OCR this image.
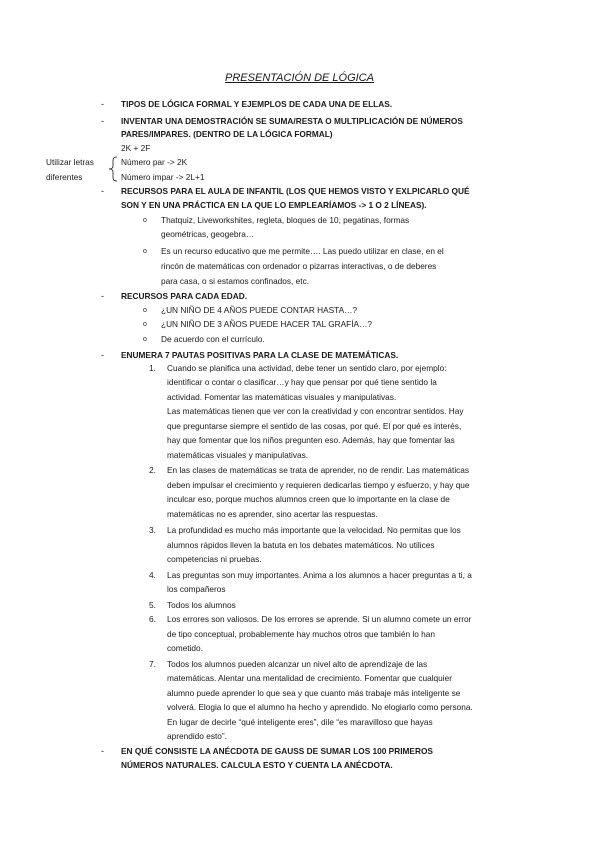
PRESENTACIÓN DE LÓGICA
- TIPOS DE LÓGICA FORMAL Y EJEMPLOS DE CADA UNA DE ELLAS.
- INVENTAR UNA DEMOSTRACIÓN SE SUMA/RESTA O MULTIPLICACIÓN DE NÚMEROS
PARES/IMPARES. (DENTRO DE LA LÓGICA FORMAL)
2K + 2F
Utilizar letras
diferentes
Número par -> 2K
Número impar -> 2L+1
- RECURSOS PARA EL AULA DE INFANTIL (LOS QUE HEMOS VISTO Y EXLPICARLO QUÉ
SON Y EN UNA PRÁCTICA EN LA QUE LO EMPLEARÍAMOS -> 1 O 2 LÍNEAS).
o Thatquiz, Liveworkshites, regleta, bloques de 10, pegatinas, formas
geométricas, geogebra…
o Es un recurso educativo que me permite…. Las puedo utilizar en clase, en el
rincón de matemáticas con ordenador o pizarras interactivas, o de deberes
para casa, o si estamos confinados, etc.
- RECURSOS PARA CADA EDAD.
o ¿UN NIÑO DE 4 AÑOS PUEDE CONTAR HASTA…?
o ¿UN NIÑO DE 3 AÑOS PUEDE HACER TAL GRAFÍA…?
o De acuerdo con el currículo.
- ENUMERA 7 PAUTAS POSITIVAS PARA LA CLASE DE MATEMÁTICAS.
1. Cuando se planifica una actividad, debe tener un sentido claro, por ejemplo:
identificar o contar o clasificar…y hay que pensar por qué tiene sentido la
actividad. Fomentar las matemáticas visuales y manipulativas.
Las matemáticas tienen que ver con la creatividad y con encontrar sentidos. Hay
que preguntarse siempre el sentido de las cosas, por qué. El por qué es interés,
hay que fomentar que los niños pregunten eso. Además, hay que fomentar las
matemáticas visuales y manipulativas.
2. En las clases de matemáticas se trata de aprender, no de rendir. Las matemáticas
deben impulsar el crecimiento y requieren dedicarlas tiempo y esfuerzo, y hay que
inculcar eso, porque muchos alumnos creen que lo importante en la clase de
matemáticas no es aprender, sino acertar las respuestas.
3. La profundidad es mucho más importante que la velocidad. No permitas que los
alumnos rápidos lleven la batuta en los debates matemáticos. No utilices
competencias ni pruebas.
4. Las preguntas son muy importantes. Anima a los alumnos a hacer preguntas a ti, a
los compañeros
5. Todos los alumnos
6. Los errores son valiosos. De los errores se aprende. Si un alumno comete un error
de tipo conceptual, probablemente hay muchos otros que también lo han
cometido.
7. Todos los alumnos pueden alcanzar un nivel alto de aprendizaje de las
matemáticas. Alentar una mentalidad de crecimiento. Fomentar que cualquier
alumno puede aprender lo que sea y que cuanto más trabaje más inteligente se
volverá. Elogia lo que el alumno ha hecho y aprendido. No elogiarlo como persona.
En lugar de decirle “qué inteligente eres”, dile “es maravilloso que hayas
aprendido esto”.
- EN QUÉ CONSISTE LA ANÉCDOTA DE GAUSS DE SUMAR LOS 100 PRIMEROS
NÚMEROS NATURALES. CALCULA ESTO Y CUENTA LA ANÉCDOTA.
